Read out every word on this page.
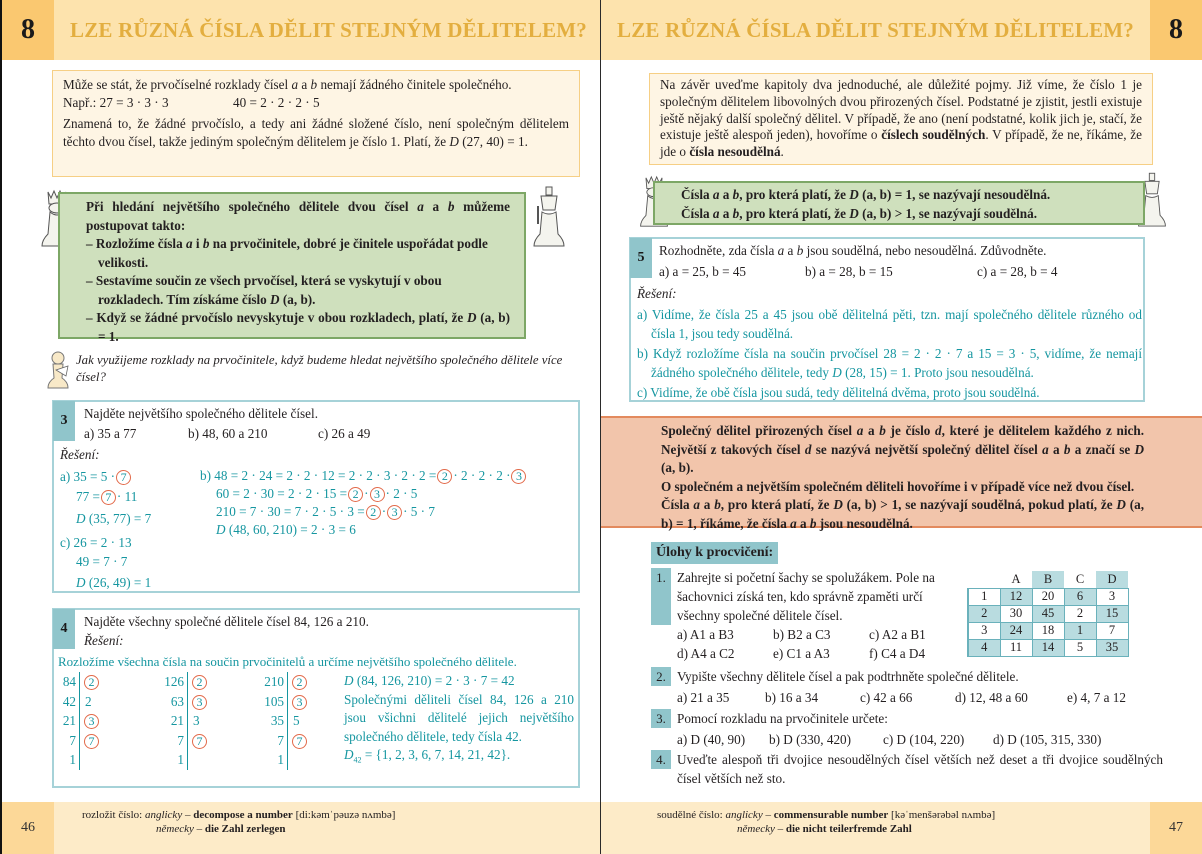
8	LZE RŮZNÁ ČÍSLA DĚLIT STEJNÝM DĚLITELEM?
Může se stát, že prvočíselné rozklady čísel a a b nemají žádného činitele společného.
Např.: 27 = 3 · 3 · 3	40 = 2 · 2 · 2 · 5
Znamená to, že žádné prvočíslo, a tedy ani žádné složené číslo, není společným dělitelem těchto dvou čísel, takže jediným společným dělitelem je číslo 1. Platí, že D (27, 40) = 1.
Při hledání největšího společného dělitele dvou čísel a a b můžeme postupovat takto:
– Rozložíme čísla a i b na prvočinitele, dobré je činitele uspořádat podle velikosti.
– Sestavíme součin ze všech prvočísel, která se vyskytují v obou rozkladech. Tím získáme číslo D (a, b).
– Když se žádné prvočíslo nevyskytuje v obou rozkladech, platí, že D (a, b) = 1.
Jak využijeme rozklady na prvočinitele, když budeme hledat největšího společného dělitele více čísel?
3	Najděte největšího společného dělitele čísel.
a) 35 a 77	b) 48, 60 a 210	c) 26 a 49
Řešení:
a) 35 = 5 · 7
77 = 7 · 11
D (35, 77) = 7
c) 26 = 2 · 13
49 = 7 · 7
D (26, 49) = 1
b) 48 = 2 · 24 = 2 · 2 · 12 = 2 · 2 · 3 · 2 · 2 = 2 · 2 · 2 · 2 · 3
60 = 2 · 30 = 2 · 2 · 15 = 2 · 3 · 2 · 5
210 = 7 · 30 = 7 · 2 · 5 · 3 = 2 · 3 · 5 · 7
D (48, 60, 210) = 2 · 3 = 6
4	Najděte všechny společné dělitele čísel 84, 126 a 210.
Řešení:
Rozložíme všechna čísla na součin prvočinitelů a určíme největšího společného dělitele.
84	2
42 2
21	3
7	7
1
126	2
63	3
21 3
7	7
1
210	2
105	3
35 5
7	7
1
D (84, 126, 210) = 2 · 3 · 7 = 42
Společnými děliteli čísel 84, 126 a 210 jsou všichni dělitelé jejich největšího společného dělitele, tedy čísla 42.
$D_{42} = \{1$, 2, 3, 6, 7, 14, 21, 42}.
46
rozložit číslo: anglicky – decompose a number [di:kəmˈpəuzə nʌmbə]
německy – die Zahl zerlegen
LZE RŮZNÁ ČÍSLA DĚLIT STEJNÝM DĚLITELEM?	8
Na závěr uveďme kapitoly dva jednoduché, ale důležité pojmy. Již víme, že číslo 1 je společným dělitelem libovolných dvou přirozených čísel. Podstatné je zjistit, jestli existuje ještě nějaký další společný dělitel. V případě, že ano (není podstatné, kolik jich je, stačí, že existuje ještě alespoň jeden), hovoříme o číslech soudělných. V případě, že ne, říkáme, že jde o čísla nesoudělná.
Čísla a a b, pro která platí, že D (a, b) = 1, se nazývají nesoudělná.
Čísla a a b, pro která platí, že D (a, b) > 1, se nazývají soudělná.
5	Rozhodněte, zda čísla a a b jsou soudělná, nebo nesoudělná. Zdůvodněte.
a) a = 25, b = 45	b) a = 28, b = 15	c) a = 28, b = 4
Řešení:
a) Vidíme, že čísla 25 a 45 jsou obě dělitelná pěti, tzn. mají společného dělitele různého od čísla 1, jsou tedy soudělná.
b) Když rozložíme čísla na součin prvočísel 28 = 2 · 2 · 7 a 15 = 3 · 5, vidíme, že nemají žádného společného dělitele, tedy D (28, 15) = 1. Proto jsou nesoudělná.
c) Vidíme, že obě čísla jsou sudá, tedy dělitelná dvěma, proto jsou soudělná.
Společný dělitel přirozených čísel a a b je číslo d, které je dělitelem každého z nich. Největší z takových čísel d se nazývá největší společný dělitel čísel a a b a značí se D (a, b).
O společném a největším společném děliteli hovoříme i v případě více než dvou čísel.
Čísla a a b, pro která platí, že D (a, b) > 1, se nazývají soudělná, pokud platí, že D (a, b) = 1, říkáme, že čísla a a b jsou nesoudělná.
Úlohy k procvičení:
1. Zahrejte si početní šachy se spolužákem. Pole na šachovnici získá ten, kdo správně zpaměti určí všechny společné dělitele čísel.
a) A1 a B3	b) B2 a C3	c) A2 a B1
d) A4 a C2	e) C1 a A3	f) C4 a D4
	A	B	C	D
1	12	20	6	3
2	30	45	2	15
3	24	18	1	7
4	11	14	5	35
2. Vypište všechny dělitele čísel a pak podtrhněte společné dělitele.
a) 21 a 35	b) 16 a 34	c) 42 a 66	d) 12, 48 a 60	e) 4, 7 a 12
3. Pomocí rozkladu na prvočinitele určete:
a) D (40, 90)	b) D (330, 420)	c) D (104, 220)	d) D (105, 315, 330)
4. Uveďte alespoň tři dvojice nesoudělných čísel větších než deset a tři dvojice soudělných čísel větších než sto.
soudělné číslo: anglicky – commensurable number [kəˈmenšərəbəl nʌmbə]
německy – die nicht teilerfremde Zahl	47
